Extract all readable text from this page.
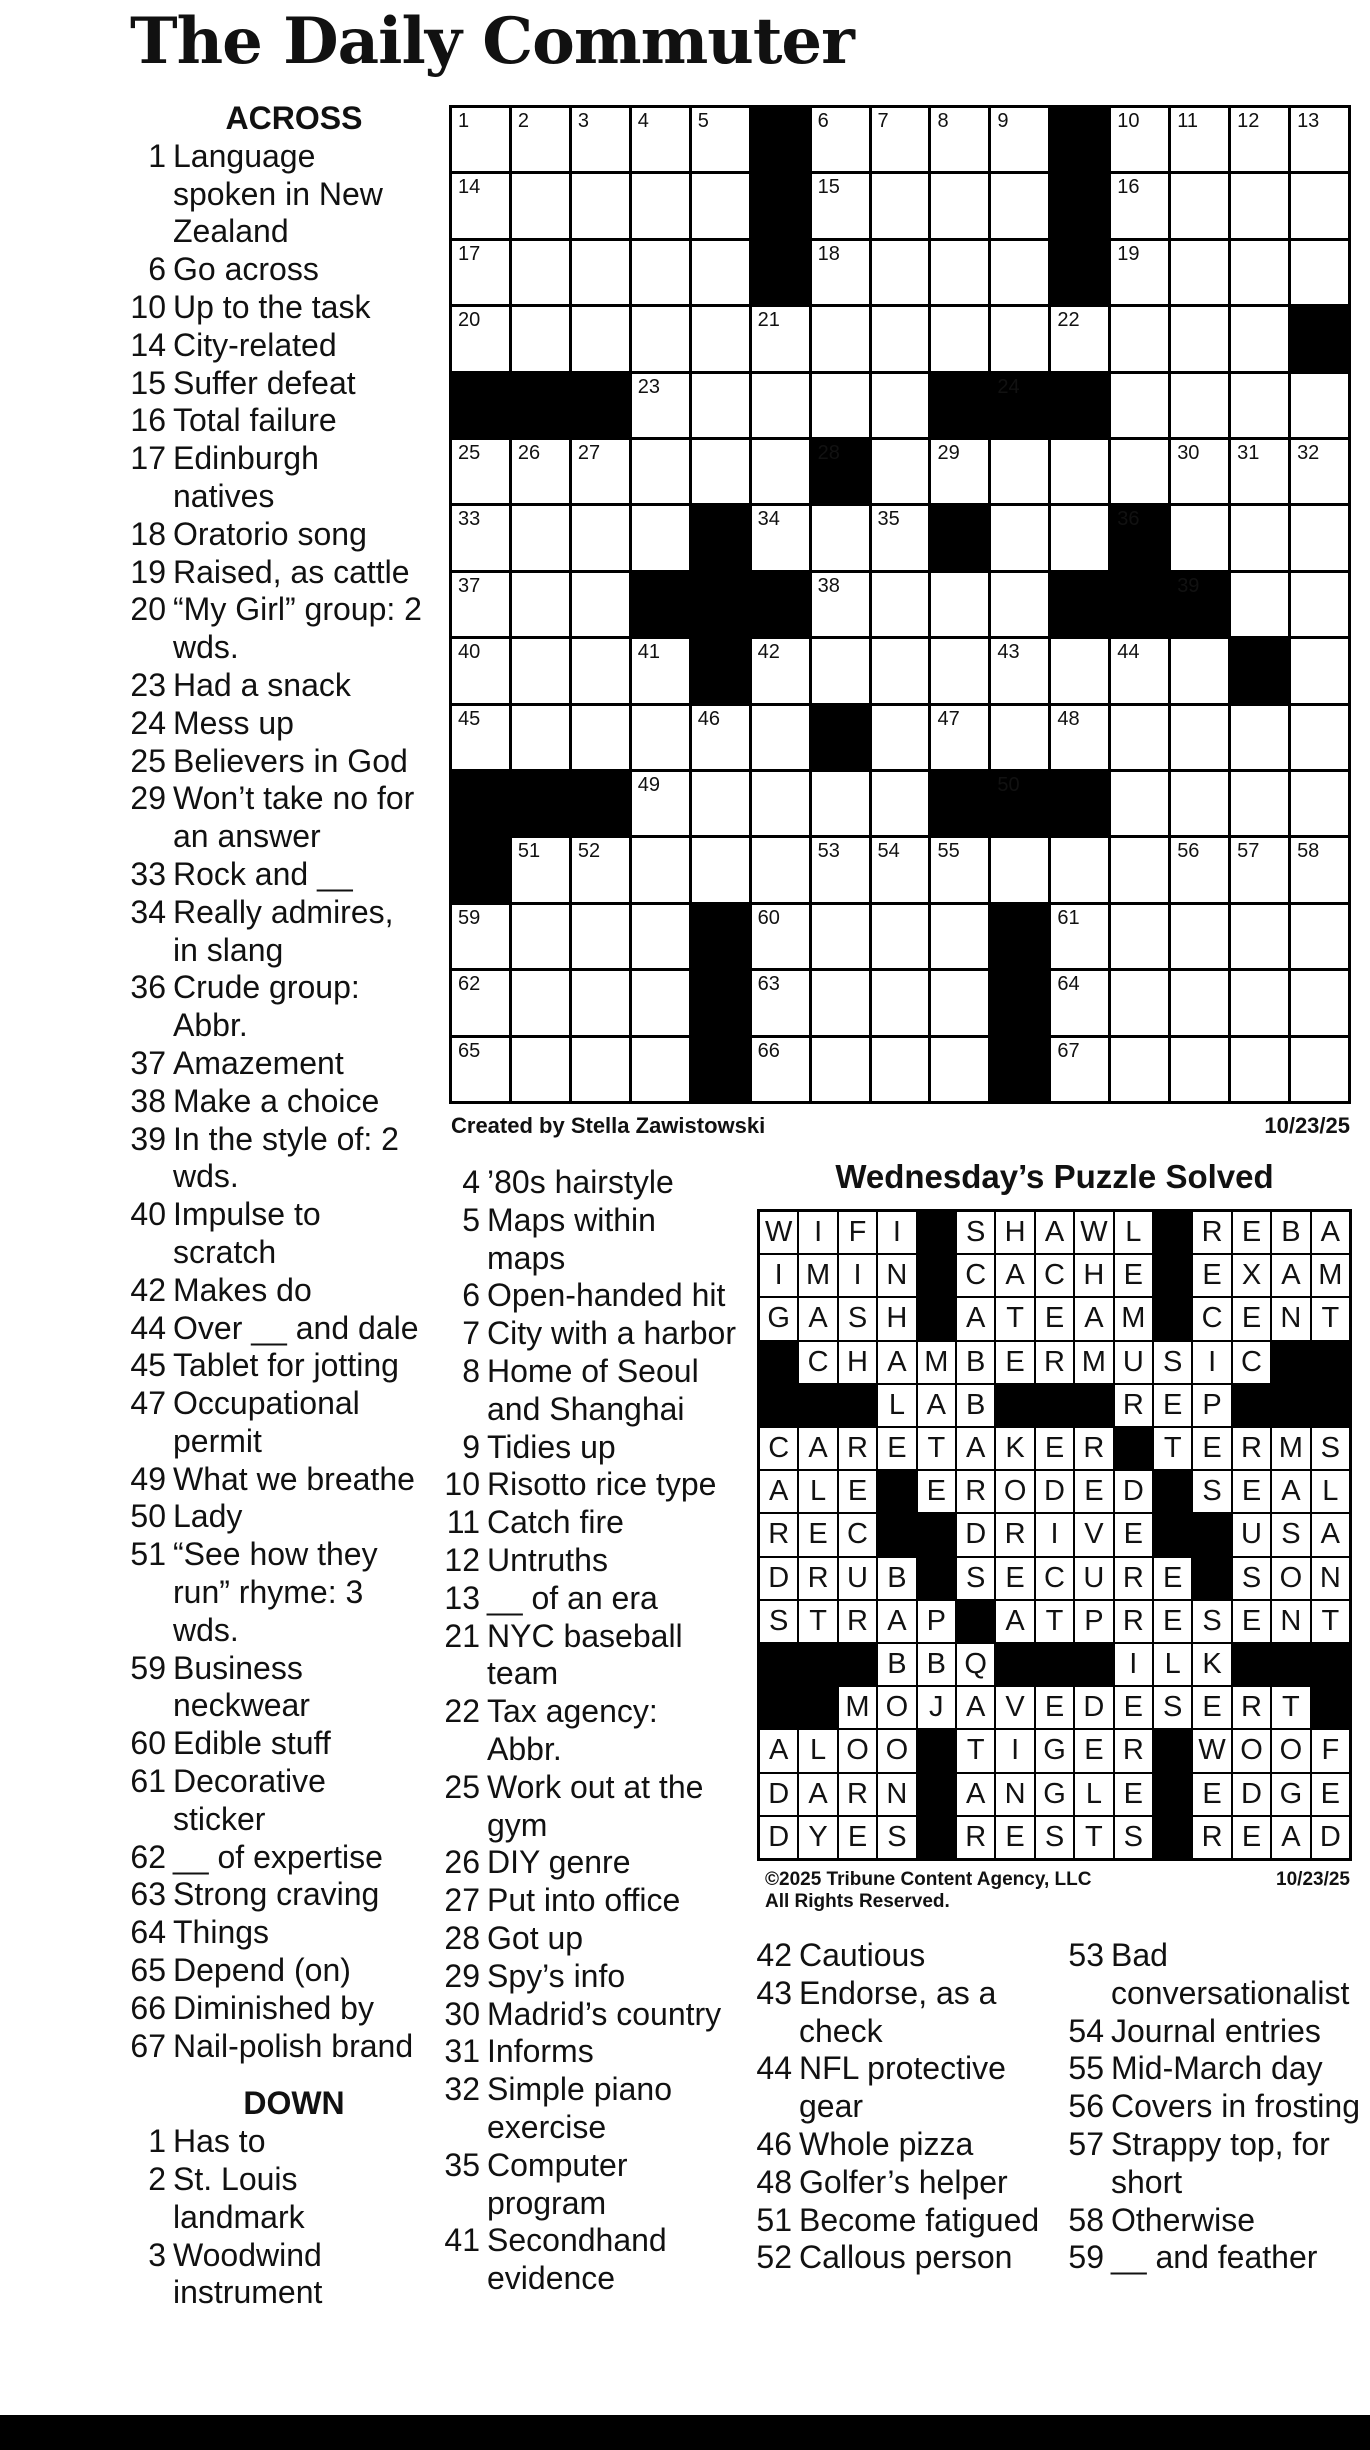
The Daily Commuter
ACROSS
1 Language spoken in New Zealand
6 Go across
10 Up to the task
14 City-related
15 Suffer defeat
16 Total failure
17 Edinburgh natives
18 Oratorio song
19 Raised, as cattle
20 “My Girl” group: 2 wds.
23 Had a snack
24 Mess up
25 Believers in God
29 Won’t take no for an answer
33 Rock and __
34 Really admires, in slang
36 Crude group: Abbr.
37 Amazement
38 Make a choice
39 In the style of: 2 wds.
40 Impulse to scratch
42 Makes do
44 Over __ and dale
45 Tablet for jotting
47 Occupational permit
49 What we breathe
50 Lady
51 “See how they run” rhyme: 3 wds.
59 Business neckwear
60 Edible stuff
61 Decorative sticker
62 __ of expertise
63 Strong craving
64 Things
65 Depend (on)
66 Diminished by
67 Nail-polish brand
DOWN
1 Has to
2 St. Louis landmark
3 Woodwind instrument
4 ’80s hairstyle
5 Maps within maps
6 Open-handed hit
7 City with a harbor
8 Home of Seoul and Shanghai
9 Tidies up
10 Risotto rice type
11 Catch fire
12 Untruths
13 __ of an era
21 NYC baseball team
22 Tax agency: Abbr.
25 Work out at the gym
26 DIY genre
27 Put into office
28 Got up
29 Spy’s info
30 Madrid’s country
31 Informs
32 Simple piano exercise
35 Computer program
41 Secondhand evidence
42 Cautious
43 Endorse, as a check
44 NFL protective gear
46 Whole pizza
48 Golfer’s helper
51 Become fatigued
52 Callous person
53 Bad conversationalist
54 Journal entries
55 Mid-March day
56 Covers in frosting
57 Strappy top, for short
58 Otherwise
59 __ and feather
1 2 3 4 5	6 7 8 9	10 11 12 13
14	15	16
17	18	19
20	21	22
23	24
25 26 27	28	29	30 31 32
33	34	35	36
37	38	39
40	41	42	43	44
45	46	47	48
49	50
51 52	53 54 55	56 57 58
59	60	61
62	63	64
65	66	67
Created by Stella Zawistowski	10/23/25
Wednesday’s Puzzle Solved
W I F I	S H A W L	R E B A
I M I N C A C H E	E X A M
G A S H	A T E A M C E N T
C H A M B E R M U S I C
L A B	R E P
C A R E T A K E R	T E R M S
A L E	E R O D E D	S E A L
R E C	D R I V E	U S A
D R U B	S E C U R E	S O N
S T R A P	A T P R E S E N T
B B Q	I L K
M O J A V E D E S E R T
A L O O	T I G E R W O O F
D A R N	A N G L E	E D G E
D Y E S	R E S T S	R E A D
©2025 Tribune Content Agency, LLC
All Rights Reserved.
10/23/25
